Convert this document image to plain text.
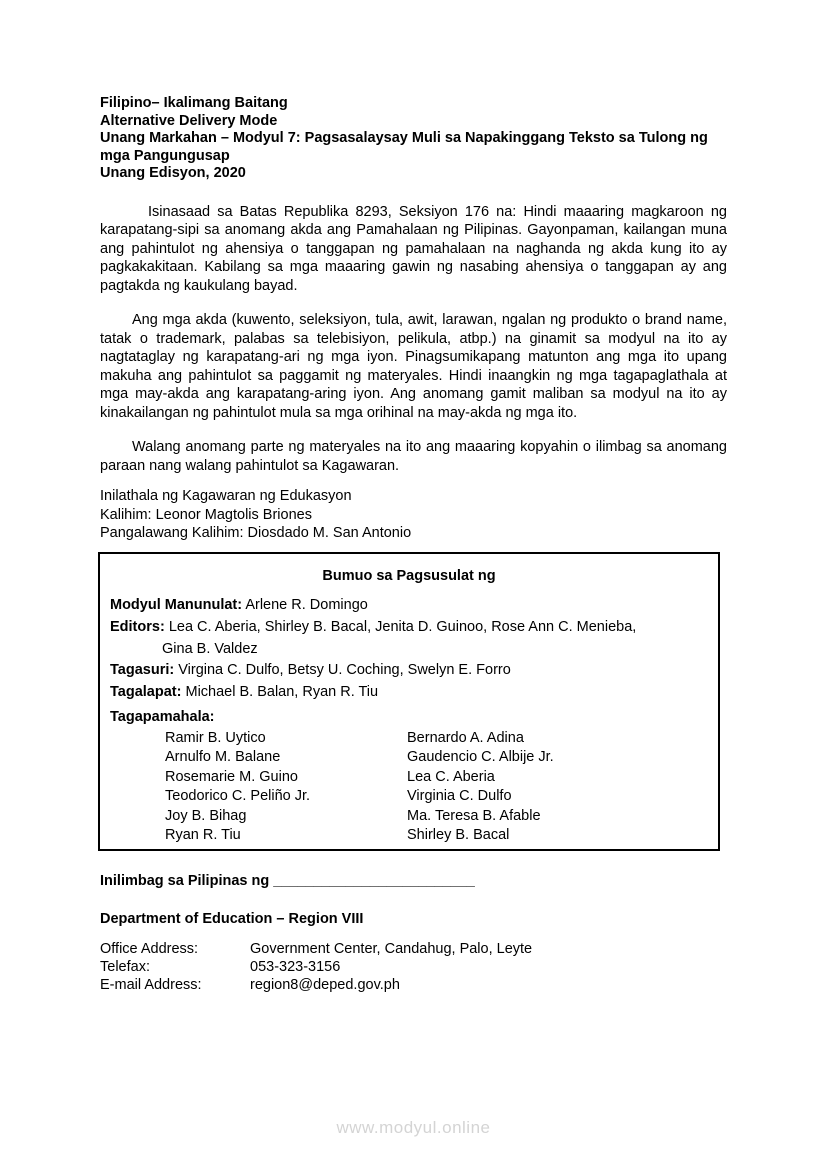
Filipino– Ikalimang Baitang
Alternative Delivery Mode
Unang Markahan – Modyul 7: Pagsasalaysay Muli sa Napakinggang Teksto sa Tulong ng mga Pangungusap
Unang Edisyon, 2020

Isinasaad sa Batas Republika 8293, Seksiyon 176 na: Hindi maaaring magkaroon ng karapatang-sipi sa anomang akda ang Pamahalaan ng Pilipinas. Gayonpaman, kailangan muna ang pahintulot ng ahensiya o tanggapan ng pamahalaan na naghanda ng akda kung ito ay pagkakakitaan. Kabilang sa mga maaaring gawin ng nasabing ahensiya o tanggapan ay ang pagtakda ng kaukulang bayad.

Ang mga akda (kuwento, seleksiyon, tula, awit, larawan, ngalan ng produkto o brand name, tatak o trademark, palabas sa telebisiyon, pelikula, atbp.) na ginamit sa modyul na ito ay nagtataglay ng karapatang-ari ng mga iyon. Pinagsumikapang matunton ang mga ito upang makuha ang pahintulot sa paggamit ng materyales. Hindi inaangkin ng mga tagapaglathala at mga may-akda ang karapatang-aring iyon. Ang anomang gamit maliban sa modyul na ito ay kinakailangan ng pahintulot mula sa mga orihinal na may-akda ng mga ito.

Walang anomang parte ng materyales na ito ang maaaring kopyahin o ilimbag sa anomang paraan nang walang pahintulot sa Kagawaran.

Inilathala ng Kagawaran ng Edukasyon
Kalihim: Leonor Magtolis Briones
Pangalawang Kalihim: Diosdado M. San Antonio
Bumuo sa Pagsusulat ng
Modyul Manunulat: Arlene R. Domingo
Editors: Lea C. Aberia, Shirley B. Bacal, Jenita D. Guinoo, Rose Ann C. Menieba,
Gina B. Valdez
Tagasuri: Virgina C. Dulfo, Betsy U. Coching, Swelyn E. Forro
Tagalapat: Michael B. Balan, Ryan R. Tiu
Tagapamahala:
Ramir B. Uytico	Bernardo A. Adina
Arnulfo M. Balane	Gaudencio C. Albije Jr.
Rosemarie M. Guino	Lea C. Aberia
Teodorico C. Peliño Jr.	Virginia C. Dulfo
Joy B. Bihag	Ma. Teresa B. Afable
Ryan R. Tiu	Shirley B. Bacal
Inilimbag sa Pilipinas ng _________________________
Department of Education – Region VIII
Office Address:	Government Center, Candahug, Palo, Leyte
Telefax:	053-323-3156
E-mail Address:	region8@deped.gov.ph
www.modyul.online
